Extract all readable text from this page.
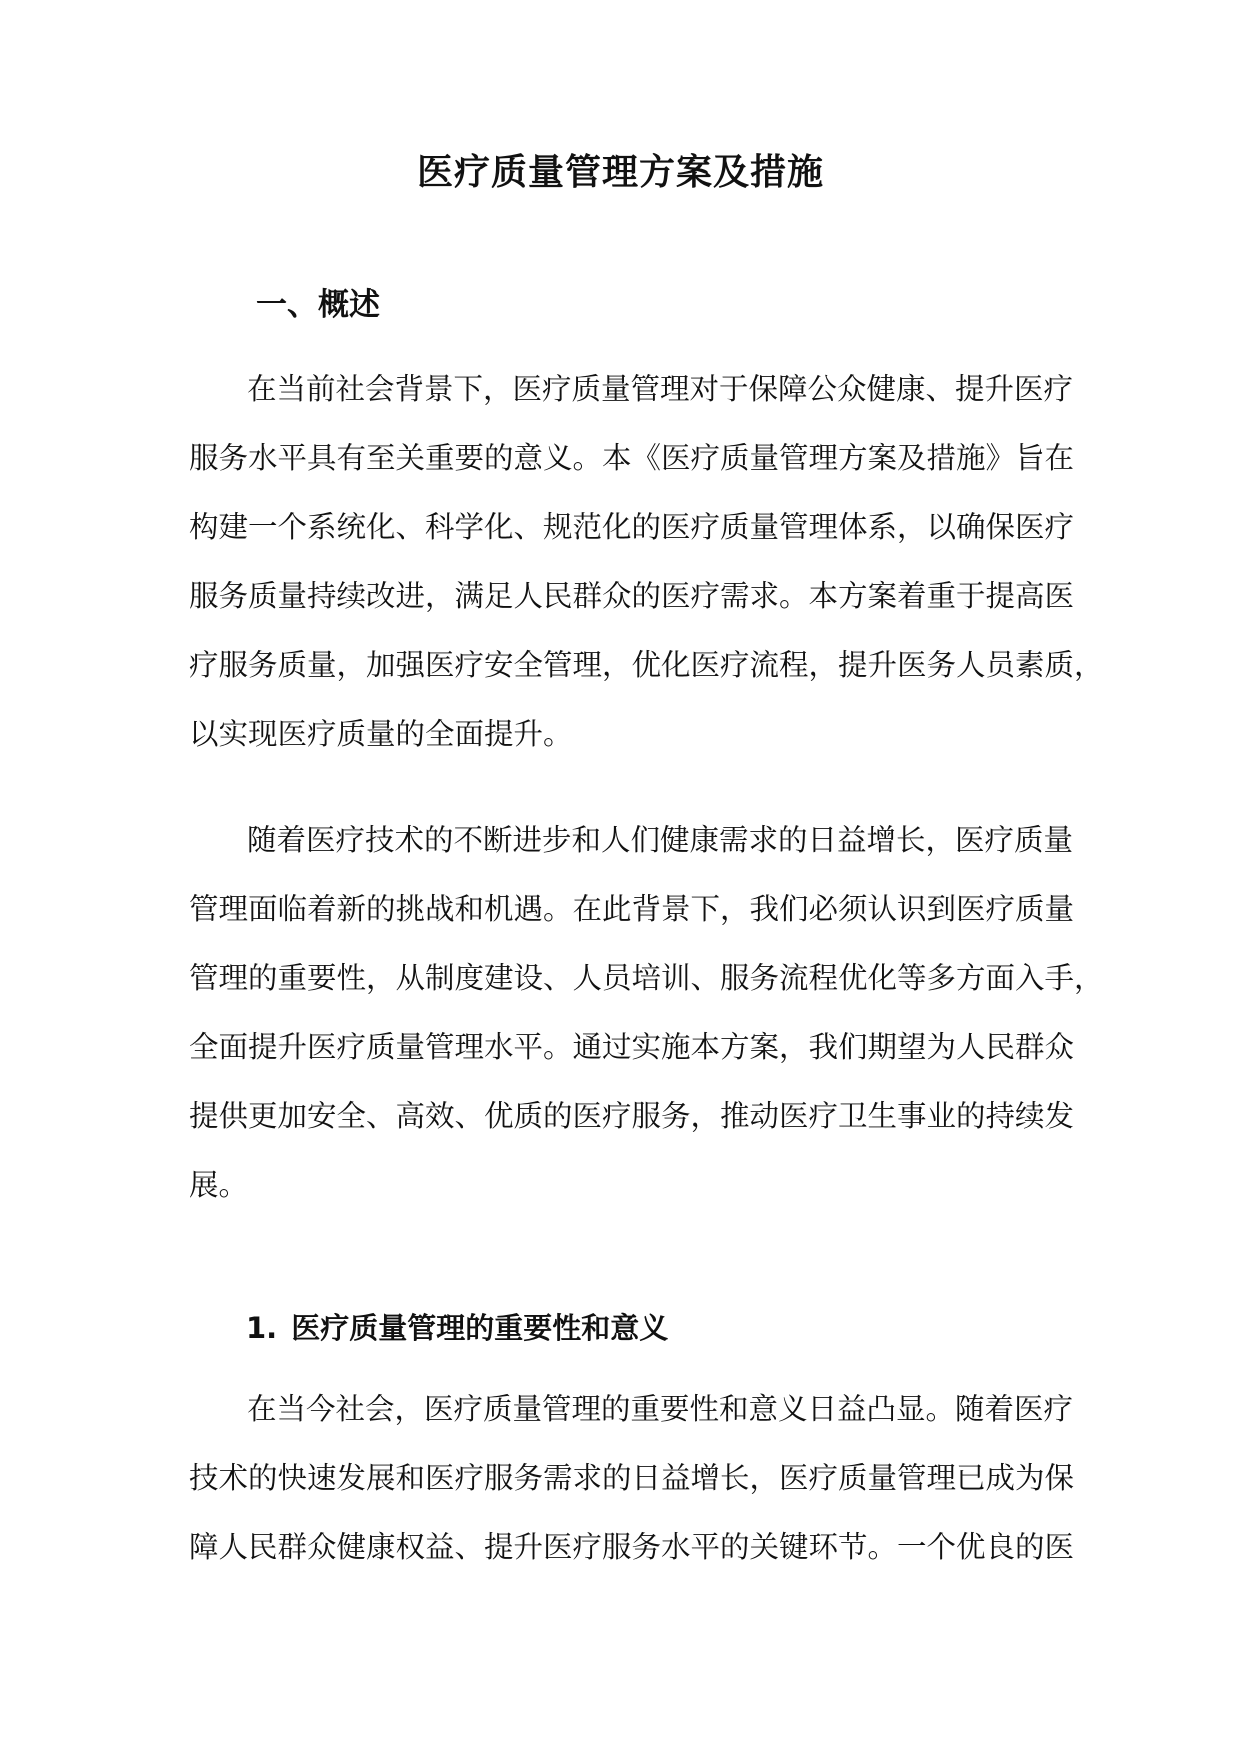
医疗质量管理方案及措施
一、概述

在当前社会背景下，医疗质量管理对于保障公众健康、提升医疗
服务水平具有至关重要的意义。本《医疗质量管理方案及措施》旨在
构建一个系统化、科学化、规范化的医疗质量管理体系，以确保医疗
服务质量持续改进，满足人民群众的医疗需求。本方案着重于提高医
疗服务质量，加强医疗安全管理，优化医疗流程，提升医务人员素质，
以实现医疗质量的全面提升。

随着医疗技术的不断进步和人们健康需求的日益增长，医疗质量
管理面临着新的挑战和机遇。在此背景下，我们必须认识到医疗质量
管理的重要性，从制度建设、人员培训、服务流程优化等多方面入手，
全面提升医疗质量管理水平。通过实施本方案，我们期望为人民群众
提供更加安全、高效、优质的医疗服务，推动医疗卫生事业的持续发
展。

1. 医疗质量管理的重要性和意义

在当今社会，医疗质量管理的重要性和意义日益凸显。随着医疗
技术的快速发展和医疗服务需求的日益增长，医疗质量管理已成为保
障人民群众健康权益、提升医疗服务水平的关键环节。一个优良的医
